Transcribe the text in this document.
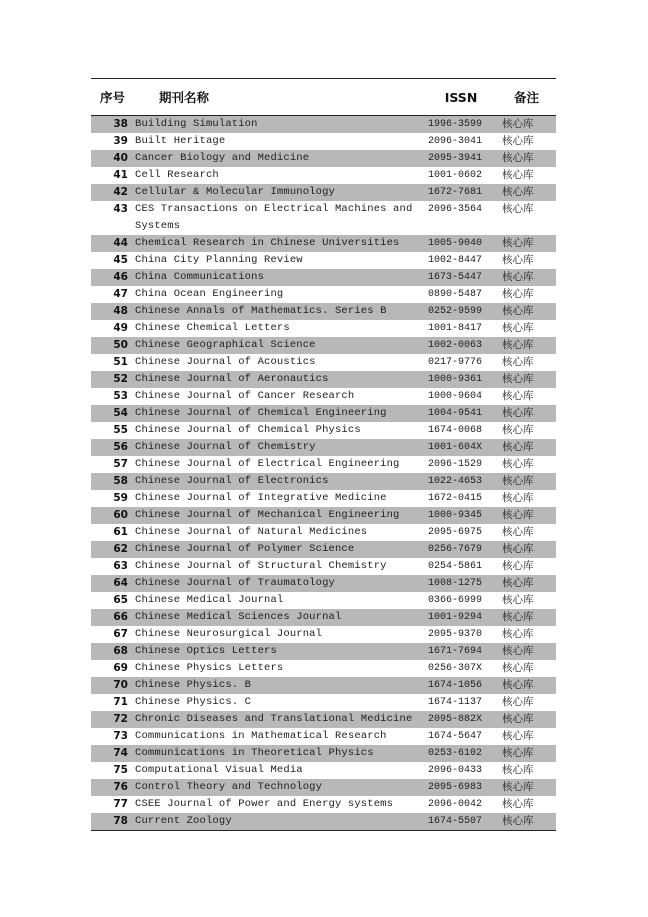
序号	期刊名称	ISSN	备注
38	Building Simulation	1996-3599	核心库
39	Built Heritage	2096-3041	核心库
40	Cancer Biology and Medicine	2095-3941	核心库
41	Cell Research	1001-0602	核心库
42	Cellular & Molecular Immunology	1672-7681	核心库
43	CES Transactions on Electrical Machines and Systems	2096-3564	核心库
44	Chemical Research in Chinese Universities	1005-9040	核心库
45	China City Planning Review	1002-8447	核心库
46	China Communications	1673-5447	核心库
47	China Ocean Engineering	0890-5487	核心库
48	Chinese Annals of Mathematics. Series B	0252-9599	核心库
49	Chinese Chemical Letters	1001-8417	核心库
50	Chinese Geographical Science	1002-0063	核心库
51	Chinese Journal of Acoustics	0217-9776	核心库
52	Chinese Journal of Aeronautics	1000-9361	核心库
53	Chinese Journal of Cancer Research	1000-9604	核心库
54	Chinese Journal of Chemical Engineering	1004-9541	核心库
55	Chinese Journal of Chemical Physics	1674-0068	核心库
56	Chinese Journal of Chemistry	1001-604X	核心库
57	Chinese Journal of Electrical Engineering	2096-1529	核心库
58	Chinese Journal of Electronics	1022-4653	核心库
59	Chinese Journal of Integrative Medicine	1672-0415	核心库
60	Chinese Journal of Mechanical Engineering	1000-9345	核心库
61	Chinese Journal of Natural Medicines	2095-6975	核心库
62	Chinese Journal of Polymer Science	0256-7679	核心库
63	Chinese Journal of Structural Chemistry	0254-5861	核心库
64	Chinese Journal of Traumatology	1008-1275	核心库
65	Chinese Medical Journal	0366-6999	核心库
66	Chinese Medical Sciences Journal	1001-9294	核心库
67	Chinese Neurosurgical Journal	2095-9370	核心库
68	Chinese Optics Letters	1671-7694	核心库
69	Chinese Physics Letters	0256-307X	核心库
70	Chinese Physics. B	1674-1056	核心库
71	Chinese Physics. C	1674-1137	核心库
72	Chronic Diseases and Translational Medicine	2095-882X	核心库
73	Communications in Mathematical Research	1674-5647	核心库
74	Communications in Theoretical Physics	0253-6102	核心库
75	Computational Visual Media	2096-0433	核心库
76	Control Theory and Technology	2095-6983	核心库
77	CSEE Journal of Power and Energy systems	2096-0042	核心库
78	Current Zoology	1674-5507	核心库
